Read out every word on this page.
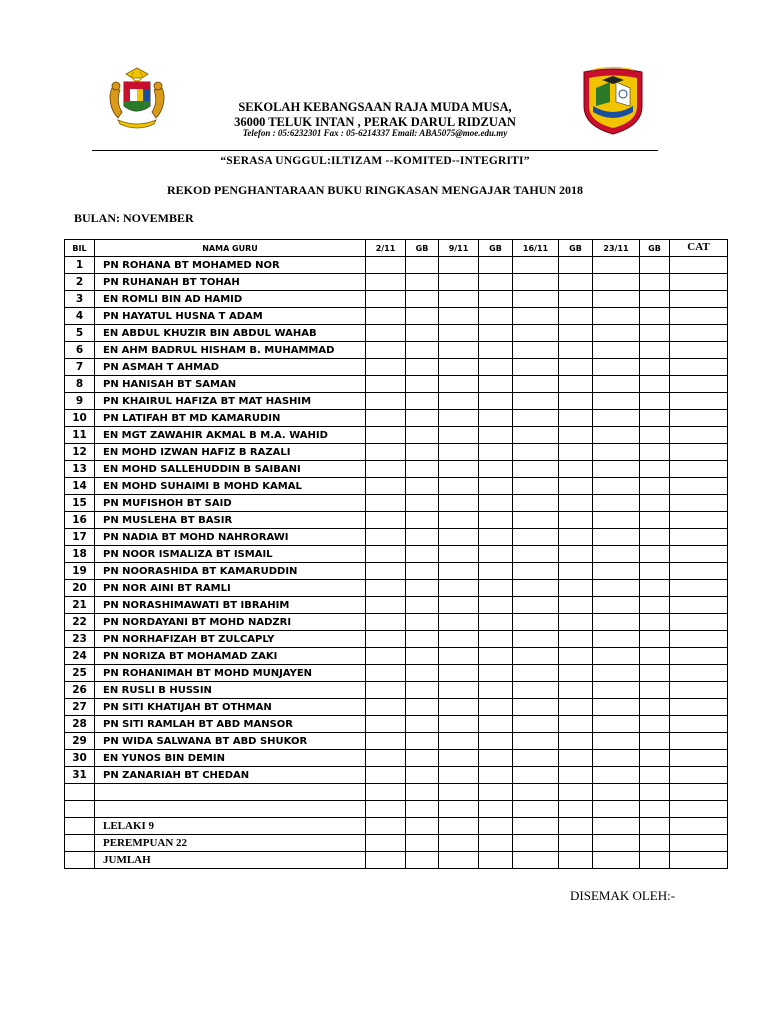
SEKOLAH KEBANGSAAN RAJA MUDA MUSA,
36000 TELUK INTAN , PERAK DARUL RIDZUAN
Telefon : 05:6232301 Fax : 05-6214337 Email: ABA5075@moe.edu.my
“SERASA UNGGUL:ILTIZAM --KOMITED--INTEGRITI”
REKOD PENGHANTARAAN BUKU RINGKASAN MENGAJAR TAHUN 2018
BULAN: NOVEMBER
BIL	NAMA GURU	2/11	GB	9/11	GB	16/11	GB	23/11	GB	CAT
1	PN ROHANA BT MOHAMED NOR									
2	PN RUHANAH BT TOHAH									
3	EN ROMLI BIN AD HAMID									
4	PN HAYATUL HUSNA T ADAM									
5	EN ABDUL KHUZIR BIN ABDUL WAHAB									
6	EN AHM BADRUL HISHAM B. MUHAMMAD									
7	PN ASMAH T AHMAD									
8	PN HANISAH BT SAMAN									
9	PN KHAIRUL HAFIZA BT MAT HASHIM									
10	PN LATIFAH BT MD KAMARUDIN									
11	EN MGT ZAWAHIR AKMAL B M.A. WAHID									
12	EN MOHD IZWAN HAFIZ B RAZALI									
13	EN MOHD SALLEHUDDIN B SAIBANI									
14	EN MOHD SUHAIMI B MOHD KAMAL									
15	PN MUFISHOH BT SAID									
16	PN MUSLEHA BT BASIR									
17	PN NADIA BT MOHD NAHRORAWI									
18	PN NOOR ISMALIZA BT ISMAIL									
19	PN NOORASHIDA BT KAMARUDDIN									
20	PN NOR AINI BT RAMLI									
21	PN NORASHIMAWATI BT IBRAHIM									
22	PN NORDAYANI BT MOHD NADZRI									
23	PN NORHAFIZAH BT ZULCAPLY									
24	PN NORIZA BT MOHAMAD ZAKI									
25	PN ROHANIMAH BT MOHD MUNJAYEN									
26	EN RUSLI B HUSSIN									
27	PN SITI KHATIJAH BT OTHMAN									
28	PN SITI RAMLAH BT ABD MANSOR									
29	PN WIDA SALWANA BT ABD SHUKOR									
30	EN YUNOS BIN DEMIN									
31	PN ZANARIAH BT CHEDAN									

	LELAKI 9									
	PEREMPUAN 22									
	JUMLAH									
DISEMAK OLEH:-
